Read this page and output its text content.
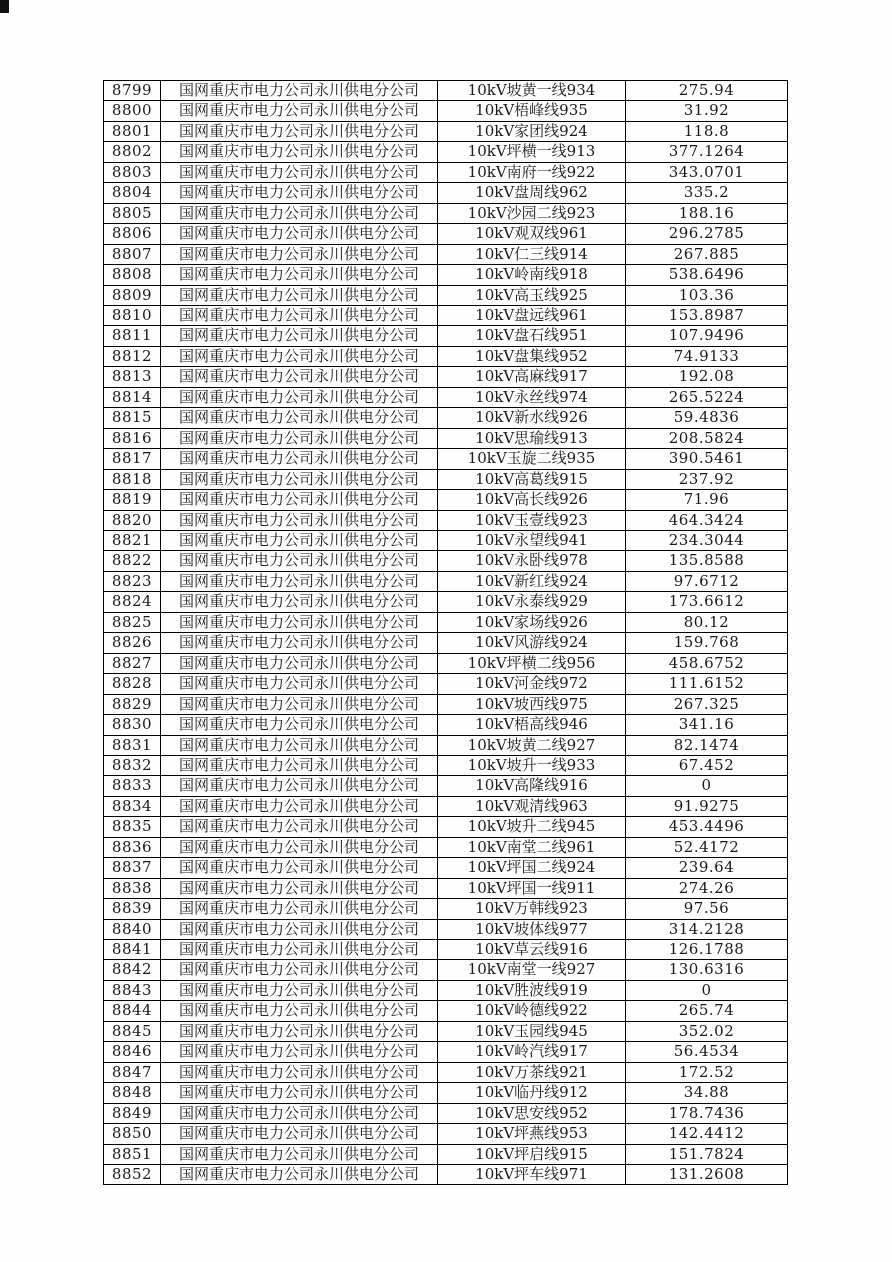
8799	国网重庆市电力公司永川供电分公司	10kV坡黄一线934	275.94
8800	国网重庆市电力公司永川供电分公司	10kV梧峰线935	31.92
8801	国网重庆市电力公司永川供电分公司	10kV家团线924	118.8
8802	国网重庆市电力公司永川供电分公司	10kV坪横一线913	377.1264
8803	国网重庆市电力公司永川供电分公司	10kV南府一线922	343.0701
8804	国网重庆市电力公司永川供电分公司	10kV盘周线962	335.2
8805	国网重庆市电力公司永川供电分公司	10kV沙园二线923	188.16
8806	国网重庆市电力公司永川供电分公司	10kV观双线961	296.2785
8807	国网重庆市电力公司永川供电分公司	10kV仁三线914	267.885
8808	国网重庆市电力公司永川供电分公司	10kV岭南线918	538.6496
8809	国网重庆市电力公司永川供电分公司	10kV高玉线925	103.36
8810	国网重庆市电力公司永川供电分公司	10kV盘远线961	153.8987
8811	国网重庆市电力公司永川供电分公司	10kV盘石线951	107.9496
8812	国网重庆市电力公司永川供电分公司	10kV盘集线952	74.9133
8813	国网重庆市电力公司永川供电分公司	10kV高麻线917	192.08
8814	国网重庆市电力公司永川供电分公司	10kV永丝线974	265.5224
8815	国网重庆市电力公司永川供电分公司	10kV新水线926	59.4836
8816	国网重庆市电力公司永川供电分公司	10kV思瑜线913	208.5824
8817	国网重庆市电力公司永川供电分公司	10kV玉旋二线935	390.5461
8818	国网重庆市电力公司永川供电分公司	10kV高葛线915	237.92
8819	国网重庆市电力公司永川供电分公司	10kV高长线926	71.96
8820	国网重庆市电力公司永川供电分公司	10kV玉壹线923	464.3424
8821	国网重庆市电力公司永川供电分公司	10kV永望线941	234.3044
8822	国网重庆市电力公司永川供电分公司	10kV永卧线978	135.8588
8823	国网重庆市电力公司永川供电分公司	10kV新红线924	97.6712
8824	国网重庆市电力公司永川供电分公司	10kV永泰线929	173.6612
8825	国网重庆市电力公司永川供电分公司	10kV家场线926	80.12
8826	国网重庆市电力公司永川供电分公司	10kV风游线924	159.768
8827	国网重庆市电力公司永川供电分公司	10kV坪横二线956	458.6752
8828	国网重庆市电力公司永川供电分公司	10kV河金线972	111.6152
8829	国网重庆市电力公司永川供电分公司	10kV坡西线975	267.325
8830	国网重庆市电力公司永川供电分公司	10kV梧高线946	341.16
8831	国网重庆市电力公司永川供电分公司	10kV坡黄二线927	82.1474
8832	国网重庆市电力公司永川供电分公司	10kV坡升一线933	67.452
8833	国网重庆市电力公司永川供电分公司	10kV高隆线916	0
8834	国网重庆市电力公司永川供电分公司	10kV观清线963	91.9275
8835	国网重庆市电力公司永川供电分公司	10kV坡升二线945	453.4496
8836	国网重庆市电力公司永川供电分公司	10kV南堂二线961	52.4172
8837	国网重庆市电力公司永川供电分公司	10kV坪国二线924	239.64
8838	国网重庆市电力公司永川供电分公司	10kV坪国一线911	274.26
8839	国网重庆市电力公司永川供电分公司	10kV万韩线923	97.56
8840	国网重庆市电力公司永川供电分公司	10kV坡体线977	314.2128
8841	国网重庆市电力公司永川供电分公司	10kV草云线916	126.1788
8842	国网重庆市电力公司永川供电分公司	10kV南堂一线927	130.6316
8843	国网重庆市电力公司永川供电分公司	10kV胜波线919	0
8844	国网重庆市电力公司永川供电分公司	10kV岭德线922	265.74
8845	国网重庆市电力公司永川供电分公司	10kV玉园线945	352.02
8846	国网重庆市电力公司永川供电分公司	10kV岭汽线917	56.4534
8847	国网重庆市电力公司永川供电分公司	10kV万茶线921	172.52
8848	国网重庆市电力公司永川供电分公司	10kV临丹线912	34.88
8849	国网重庆市电力公司永川供电分公司	10kV思安线952	178.7436
8850	国网重庆市电力公司永川供电分公司	10kV坪燕线953	142.4412
8851	国网重庆市电力公司永川供电分公司	10kV坪启线915	151.7824
8852	国网重庆市电力公司永川供电分公司	10kV坪车线971	131.2608
